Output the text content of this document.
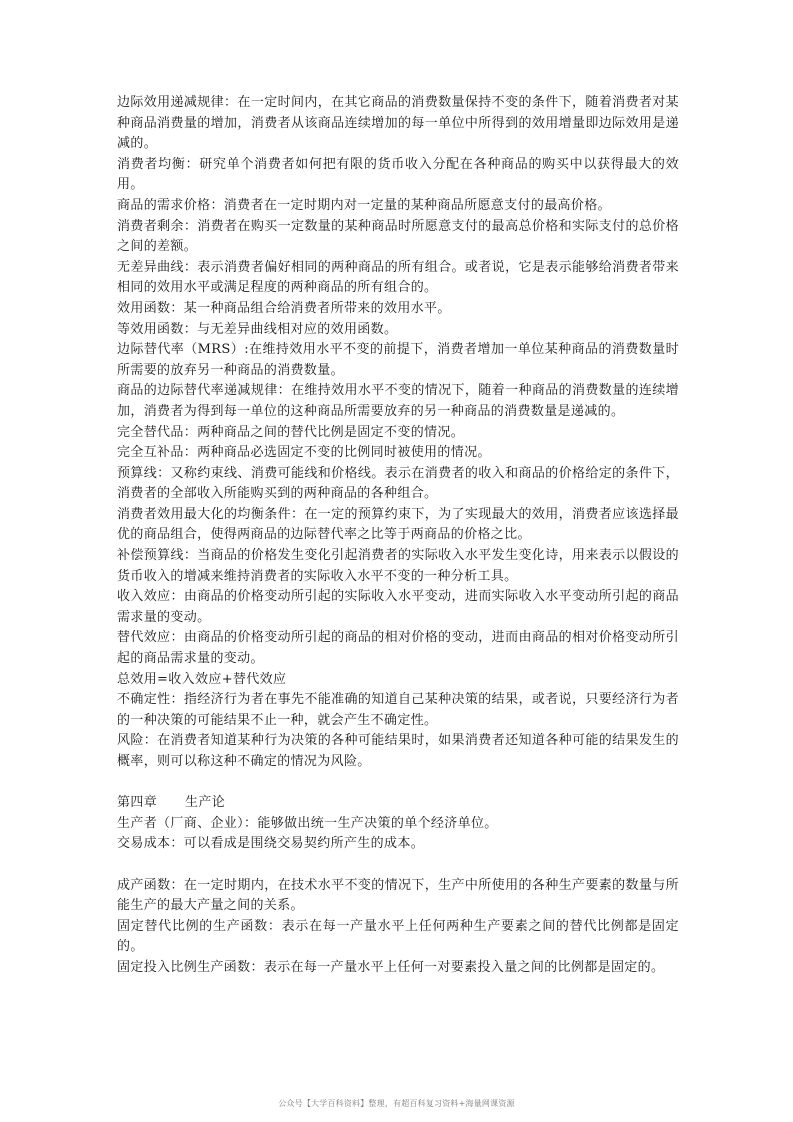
边际效用递减规律：在一定时间内，在其它商品的消费数量保持不变的条件下，随着消费者对某种商品消费量的增加，消费者从该商品连续增加的每一单位中所得到的效用增量即边际效用是递减的。

消费者均衡：研究单个消费者如何把有限的货币收入分配在各种商品的购买中以获得最大的效用。

商品的需求价格：消费者在一定时期内对一定量的某种商品所愿意支付的最高价格。

消费者剩余：消费者在购买一定数量的某种商品时所愿意支付的最高总价格和实际支付的总价格之间的差额。

无差异曲线：表示消费者偏好相同的两种商品的所有组合。或者说，它是表示能够给消费者带来相同的效用水平或满足程度的两种商品的所有组合的。

效用函数：某一种商品组合给消费者所带来的效用水平。

等效用函数：与无差异曲线相对应的效用函数。

边际替代率（MRS）:在维持效用水平不变的前提下，消费者增加一单位某种商品的消费数量时所需要的放弃另一种商品的消费数量。

商品的边际替代率递减规律：在维持效用水平不变的情况下，随着一种商品的消费数量的连续增加，消费者为得到每一单位的这种商品所需要放弃的另一种商品的消费数量是递减的。

完全替代品：两种商品之间的替代比例是固定不变的情况。

完全互补品：两种商品必选固定不变的比例同时被使用的情况。

预算线：又称约束线、消费可能线和价格线。表示在消费者的收入和商品的价格给定的条件下，消费者的全部收入所能购买到的两种商品的各种组合。

消费者效用最大化的均衡条件：在一定的预算约束下，为了实现最大的效用，消费者应该选择最优的商品组合，使得两商品的边际替代率之比等于两商品的价格之比。

补偿预算线：当商品的价格发生变化引起消费者的实际收入水平发生变化诗，用来表示以假设的货币收入的增减来维持消费者的实际收入水平不变的一种分析工具。

收入效应：由商品的价格变动所引起的实际收入水平变动，进而实际收入水平变动所引起的商品需求量的变动。

替代效应：由商品的价格变动所引起的商品的相对价格的变动，进而由商品的相对价格变动所引起的商品需求量的变动。

总效用=收入效应+替代效应

不确定性：指经济行为者在事先不能准确的知道自己某种决策的结果，或者说，只要经济行为者的一种决策的可能结果不止一种，就会产生不确定性。

风险：在消费者知道某种行为决策的各种可能结果时，如果消费者还知道各种可能的结果发生的概率，则可以称这种不确定的情况为风险。

第四章 生产论

生产者（厂商、企业）：能够做出统一生产决策的单个经济单位。

交易成本：可以看成是围绕交易契约所产生的成本。

成产函数：在一定时期内，在技术水平不变的情况下，生产中所使用的各种生产要素的数量与所能生产的最大产量之间的关系。

固定替代比例的生产函数：表示在每一产量水平上任何两种生产要素之间的替代比例都是固定的。

固定投入比例生产函数：表示在每一产量水平上任何一对要素投入量之间的比例都是固定的。

公众号【大学百科资料】整理，有超百科复习资料+海量网课资源
